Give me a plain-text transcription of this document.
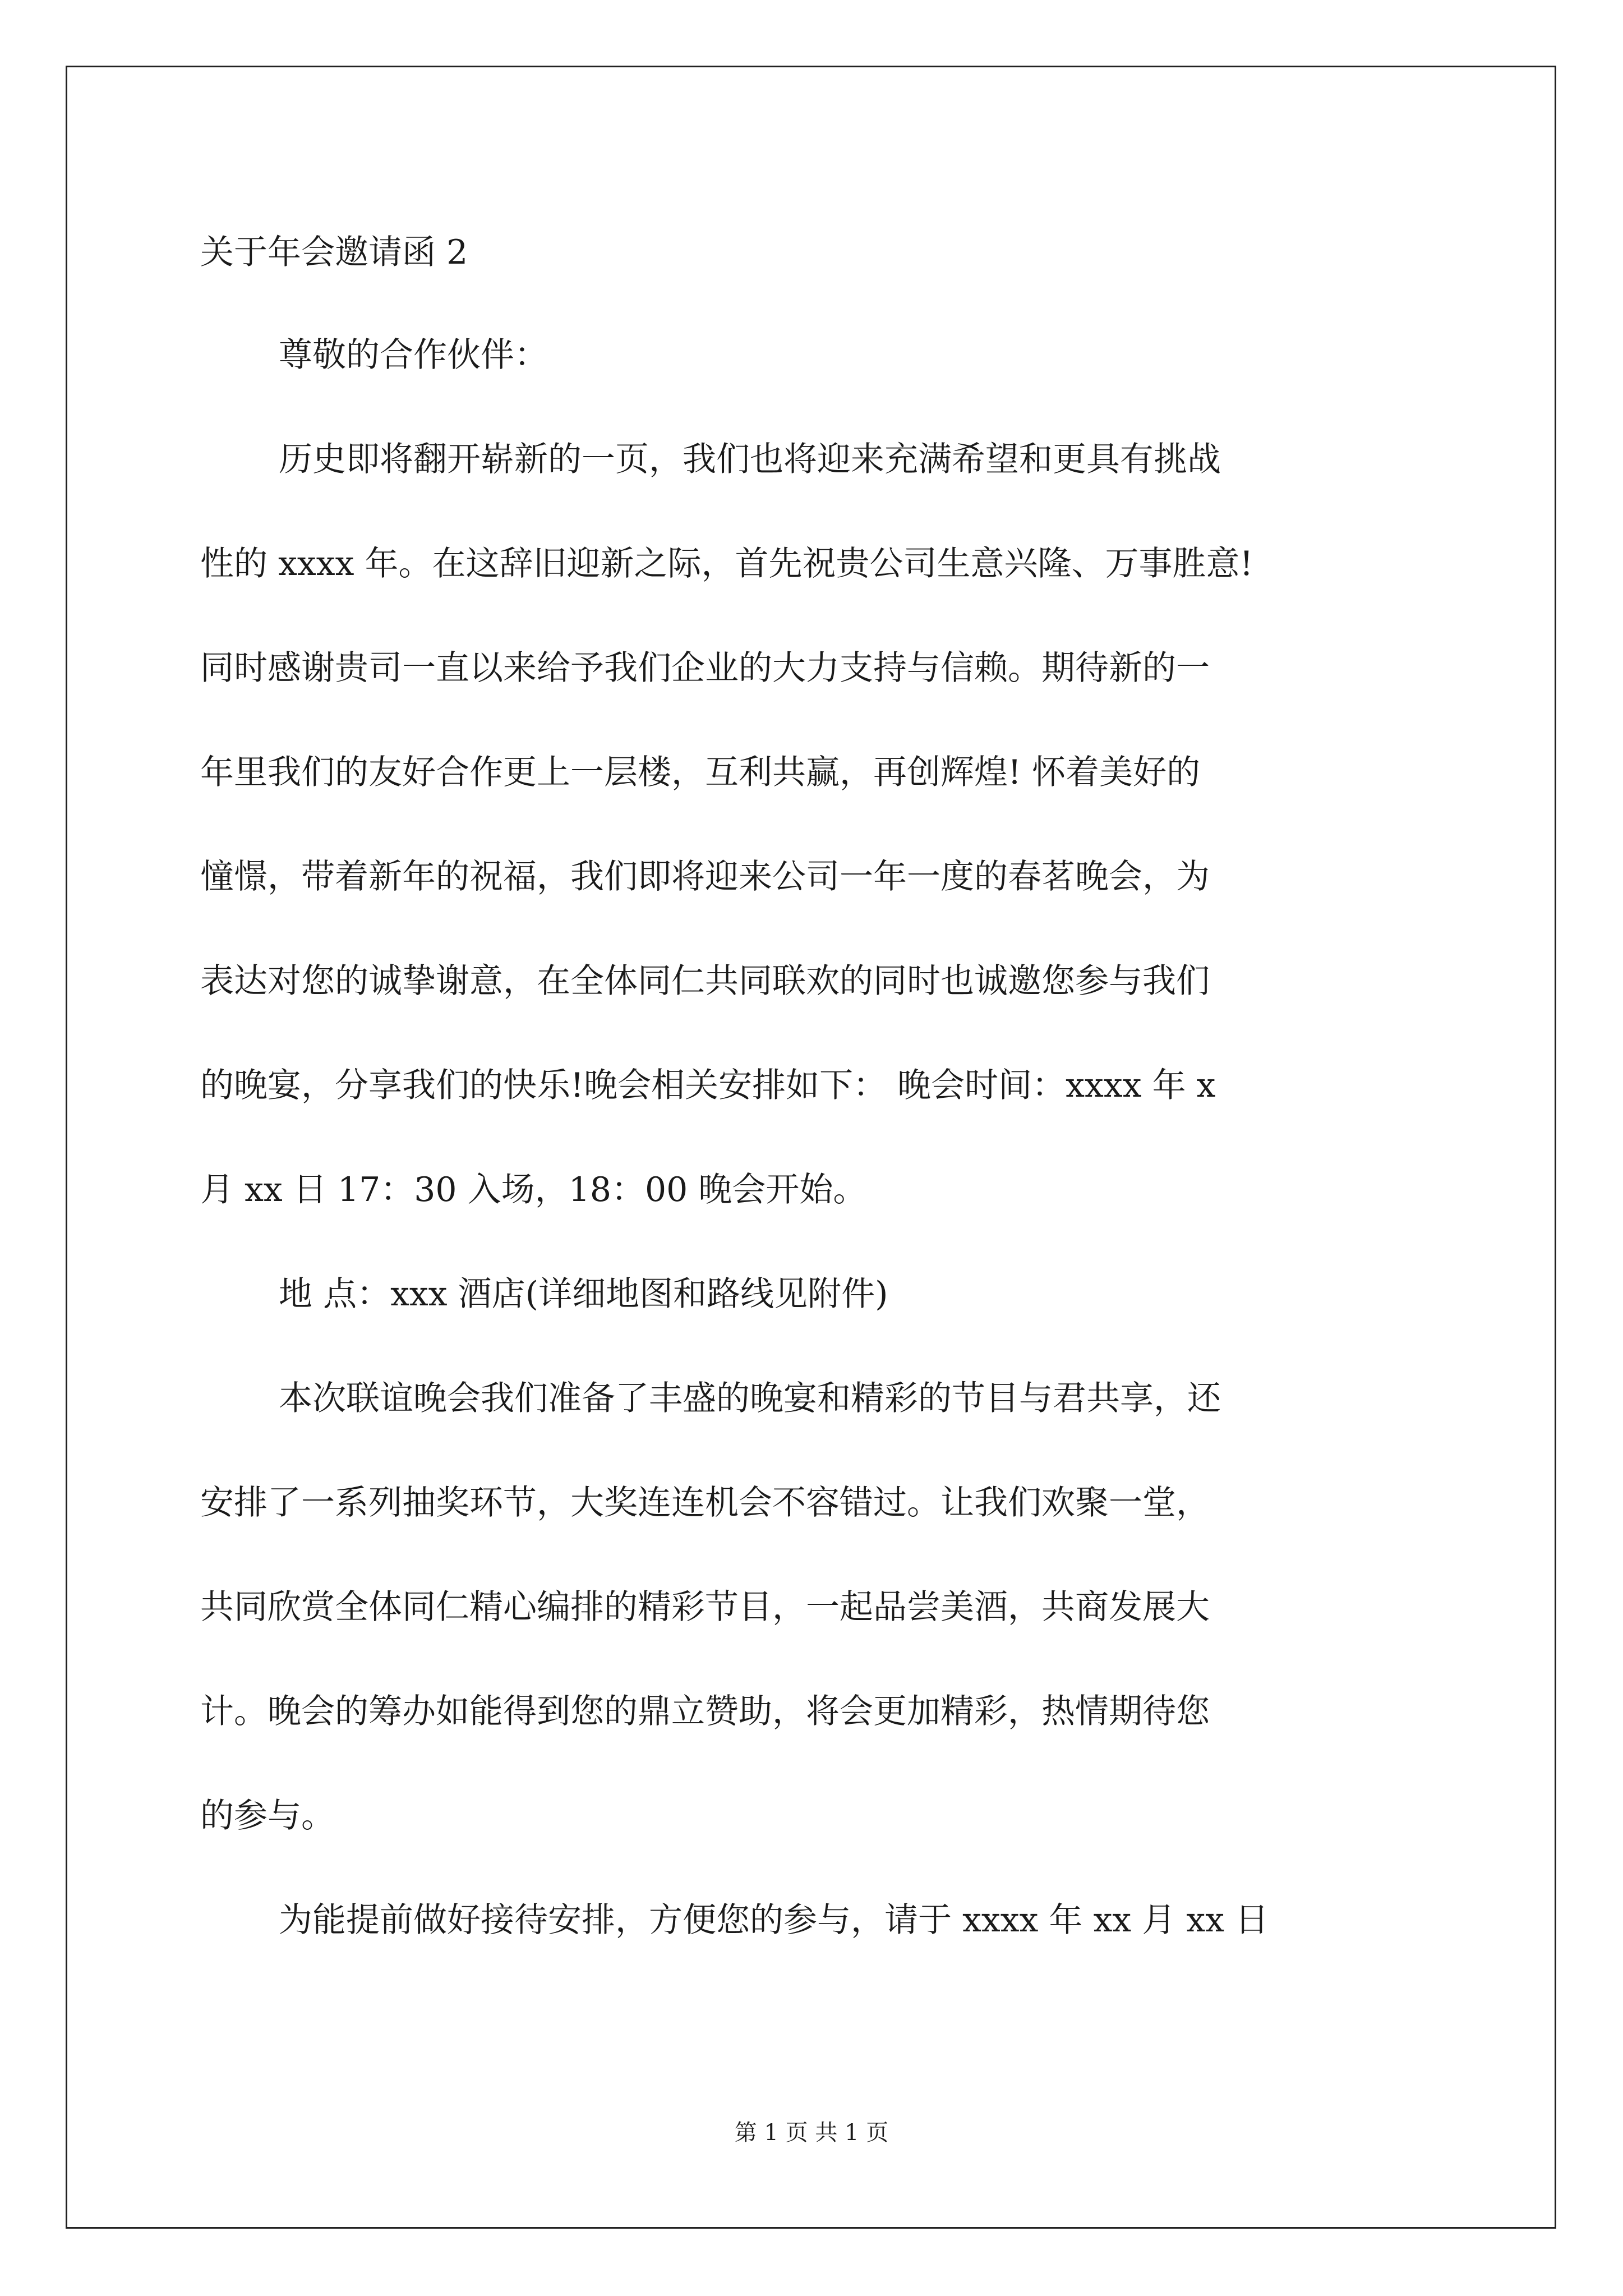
关于年会邀请函 2
尊敬的合作伙伴：
历史即将翻开崭新的一页，我们也将迎来充满希望和更具有挑战
性的 xxxx 年。在这辞旧迎新之际，首先祝贵公司生意兴隆、万事胜意!
同时感谢贵司一直以来给予我们企业的大力支持与信赖。期待新的一
年里我们的友好合作更上一层楼，互利共赢，再创辉煌! 怀着美好的
憧憬，带着新年的祝福，我们即将迎来公司一年一度的春茗晚会，为
表达对您的诚挚谢意，在全体同仁共同联欢的同时也诚邀您参与我们
的晚宴，分享我们的快乐!晚会相关安排如下： 晚会时间：xxxx 年 x
月 xx 日 17：30 入场，18：00 晚会开始。
地 点：xxx 酒店(详细地图和路线见附件)
本次联谊晚会我们准备了丰盛的晚宴和精彩的节目与君共享，还
安排了一系列抽奖环节，大奖连连机会不容错过。让我们欢聚一堂，
共同欣赏全体同仁精心编排的精彩节目，一起品尝美酒，共商发展大
计。晚会的筹办如能得到您的鼎立赞助，将会更加精彩，热情期待您
的参与。
为能提前做好接待安排，方便您的参与，请于 xxxx 年 xx 月 xx 日
第 1 页 共 1 页
